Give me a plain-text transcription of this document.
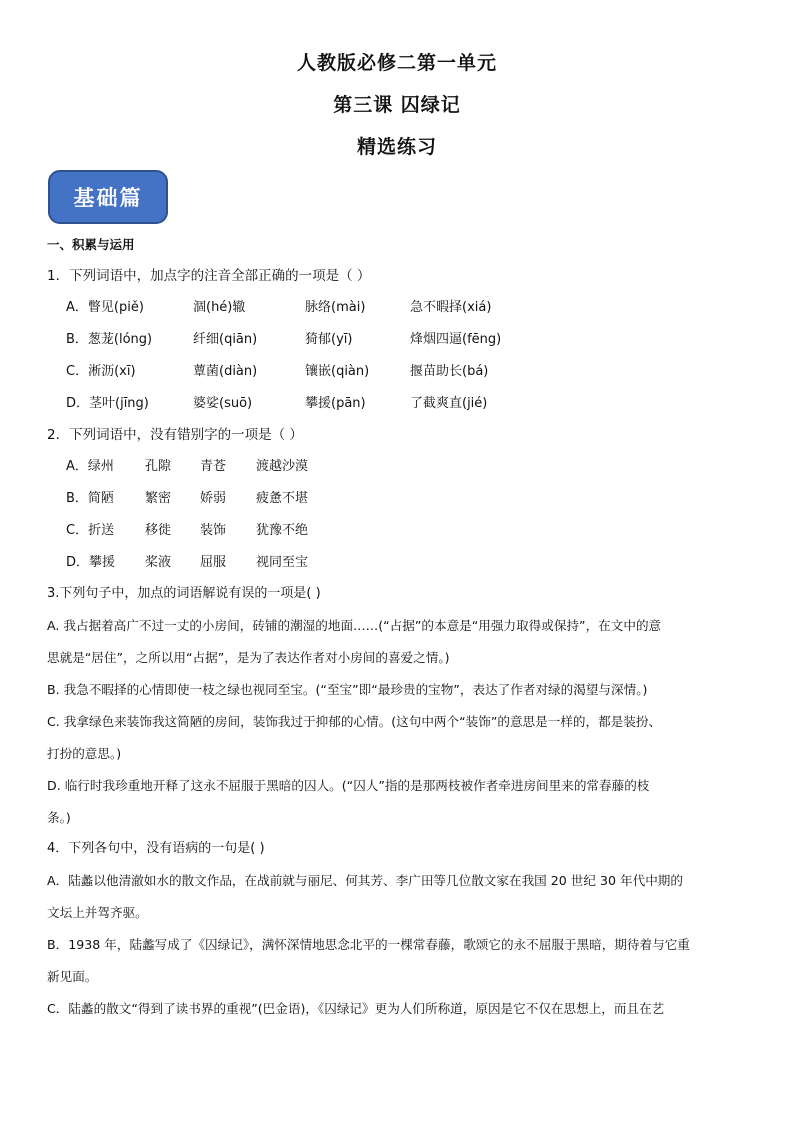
人教版必修二第一单元
第三课 囚绿记
精选练习
基础篇
一、积累与运用
1．下列词语中，加点字的注音全部正确的一项是（ ）
A．瞥见(piě)	涸(hé)辙	脉络(mài)	急不暇择(xiá)
B．葱茏(lóng)	纤细(qiān)	猗郁(yī)	烽烟四逼(fēng)
C．淅沥(xī)	蕈菌(diàn)	镶嵌(qiàn)	揠苗助长(bá)
D．茎叶(jīng)	婆娑(suō)	攀援(pān)	了截爽直(jié)
2．下列词语中，没有错别字的一项是（ ）
A．绿州 孔隙 青苍 渡越沙漠
B．简陋 繁密 娇弱 疲惫不堪
C．折送 移徙 装饰 犹豫不绝
D．攀援 桨液 屈服 视同至宝
3.下列句子中，加点的词语解说有误的一项是( )
A. 我占据着高广不过一丈的小房间，砖铺的潮湿的地面……(“占据”的本意是“用强力取得或保持”，在文中的意
思就是“居住”，之所以用“占据”，是为了表达作者对小房间的喜爱之情。)
B. 我急不暇择的心情即使一枝之绿也视同至宝。(“至宝”即“最珍贵的宝物”，表达了作者对绿的渴望与深情。)
C. 我拿绿色来装饰我这简陋的房间，装饰我过于抑郁的心情。(这句中两个“装饰”的意思是一样的，都是装扮、
打扮的意思。)
D. 临行时我珍重地开释了这永不屈服于黑暗的囚人。(“囚人”指的是那两枝被作者牵进房间里来的常春藤的枝
条。)
4．下列各句中，没有语病的一句是( )
A．陆蠡以他清澈如水的散文作品，在战前就与丽尼、何其芳、李广田等几位散文家在我国 20 世纪 30 年代中期的
文坛上并驾齐驱。
B．1938 年，陆蠡写成了《囚绿记》，满怀深情地思念北平的一棵常春藤，歌颂它的永不屈服于黑暗，期待着与它重
新见面。
C．陆蠡的散文“得到了读书界的重视”(巴金语)，《囚绿记》更为人们所称道，原因是它不仅在思想上，而且在艺
